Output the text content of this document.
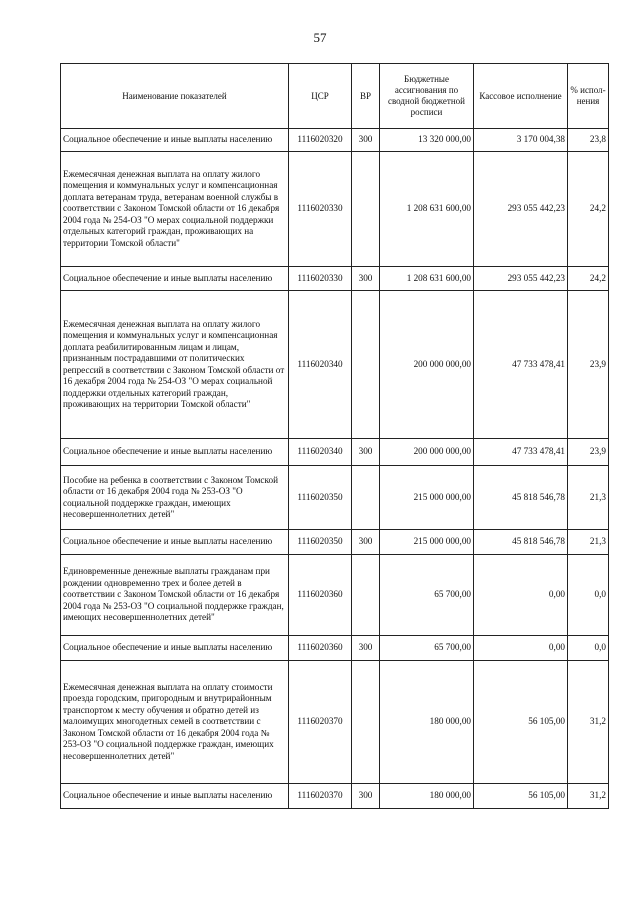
57
Наименование показателей	ЦСР	ВР	Бюджетные ассигнования по сводной бюджетной росписи	Кассовое исполнение	% испол-нения
Социальное обеспечение и иные выплаты населению	1116020320	300	13 320 000,00	3 170 004,38	23,8
Ежемесячная денежная выплата на оплату жилого помещения и коммунальных услуг и компенсационная доплата ветеранам труда, ветеранам военной службы в соответствии с Законом Томской области от 16 декабря 2004 года № 254-ОЗ "О мерах социальной поддержки отдельных категорий граждан, проживающих на территории Томской области"	1116020330		1 208 631 600,00	293 055 442,23	24,2
Социальное обеспечение и иные выплаты населению	1116020330	300	1 208 631 600,00	293 055 442,23	24,2
Ежемесячная денежная выплата на оплату жилого помещения и коммунальных услуг и компенсационная доплата реабилитированным лицам и лицам, признанным пострадавшими от политических репрессий в соответствии с Законом Томской области от 16 декабря 2004 года № 254-ОЗ "О мерах социальной поддержки отдельных категорий граждан, проживающих на территории Томской области"	1116020340		200 000 000,00	47 733 478,41	23,9
Социальное обеспечение и иные выплаты населению	1116020340	300	200 000 000,00	47 733 478,41	23,9
Пособие на ребенка в соответствии с Законом Томской области от 16 декабря 2004 года № 253-ОЗ "О социальной поддержке граждан, имеющих несовершеннолетних детей"	1116020350		215 000 000,00	45 818 546,78	21,3
Социальное обеспечение и иные выплаты населению	1116020350	300	215 000 000,00	45 818 546,78	21,3
Единовременные денежные выплаты гражданам при рождении одновременно трех и более детей в соответствии с Законом Томской области от 16 декабря 2004 года № 253-ОЗ "О социальной поддержке граждан, имеющих несовершеннолетних детей"	1116020360		65 700,00	0,00	0,0
Социальное обеспечение и иные выплаты населению	1116020360	300	65 700,00	0,00	0,0
Ежемесячная денежная выплата на оплату стоимости проезда городским, пригородным и внутрирайонным транспортом к месту обучения и обратно детей из малоимущих многодетных семей в соответствии с Законом Томской области от 16 декабря 2004 года № 253-ОЗ "О социальной поддержке граждан, имеющих несовершеннолетних детей"	1116020370		180 000,00	56 105,00	31,2
Социальное обеспечение и иные выплаты населению	1116020370	300	180 000,00	56 105,00	31,2
